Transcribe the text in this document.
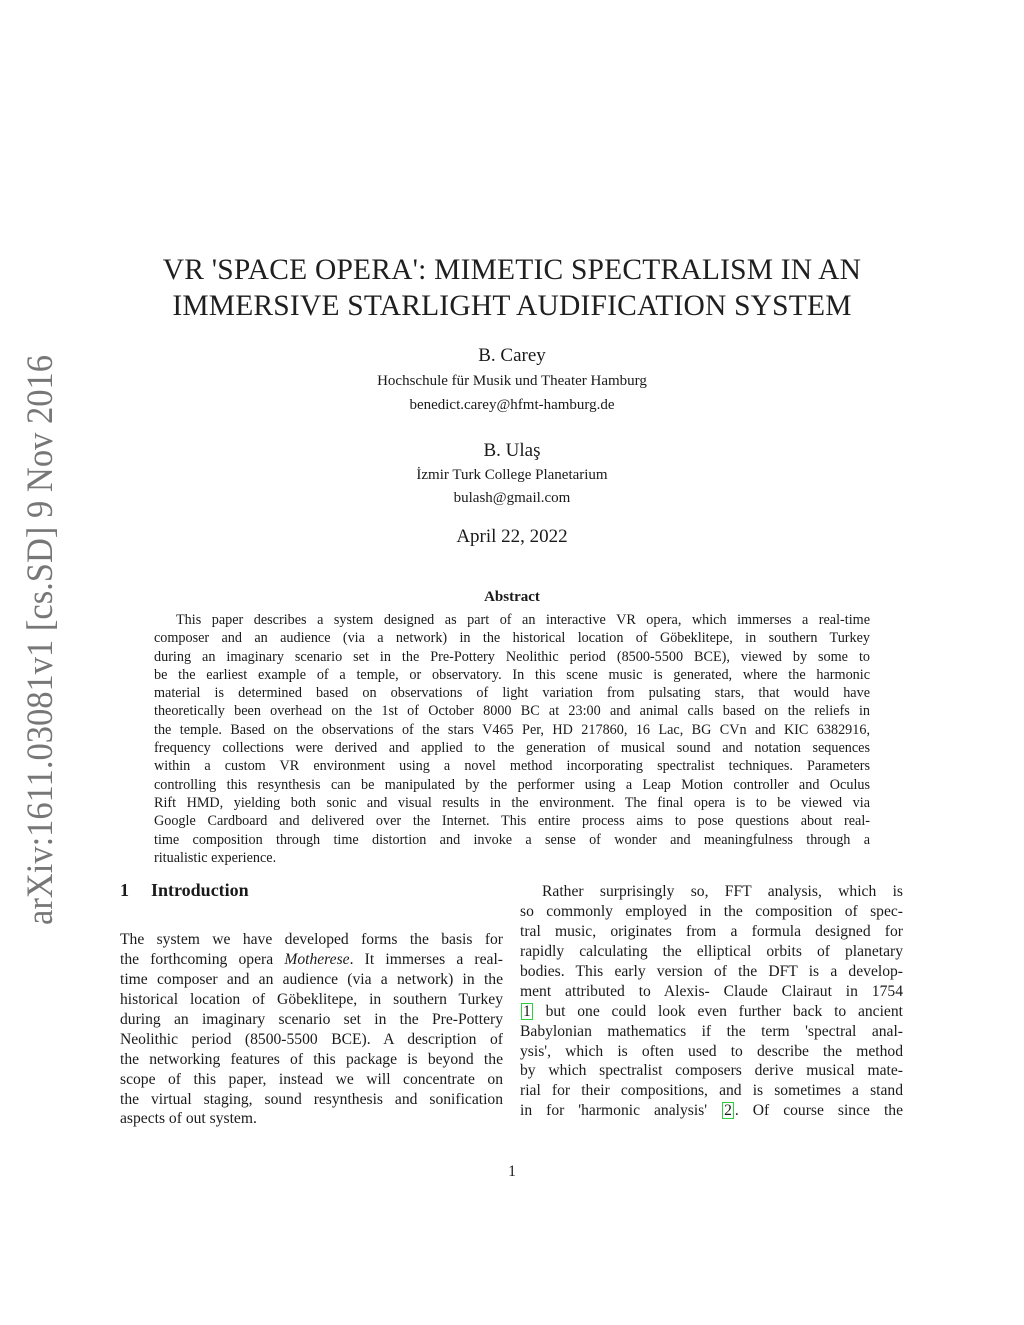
arXiv:1611.03081v1 [cs.SD] 9 Nov 2016
VR 'SPACE OPERA': MIMETIC SPECTRALISM IN AN
IMMERSIVE STARLIGHT AUDIFICATION SYSTEM
B. Carey
Hochschule für Musik und Theater Hamburg
benedict.carey@hfmt-hamburg.de
B. Ulaş
İzmir Turk College Planetarium
bulash@gmail.com
April 22, 2022
Abstract
This paper describes a system designed as part of an interactive VR opera, which immerses a real-time
composer and an audience (via a network) in the historical location of Göbeklitepe, in southern Turkey
during an imaginary scenario set in the Pre-Pottery Neolithic period (8500-5500 BCE), viewed by some to
be the earliest example of a temple, or observatory. In this scene music is generated, where the harmonic
material is determined based on observations of light variation from pulsating stars, that would have
theoretically been overhead on the 1st of October 8000 BC at 23:00 and animal calls based on the reliefs in
the temple. Based on the observations of the stars V465 Per, HD 217860, 16 Lac, BG CVn and KIC 6382916,
frequency collections were derived and applied to the generation of musical sound and notation sequences
within a custom VR environment using a novel method incorporating spectralist techniques. Parameters
controlling this resynthesis can be manipulated by the performer using a Leap Motion controller and Oculus
Rift HMD, yielding both sonic and visual results in the environment. The final opera is to be viewed via
Google Cardboard and delivered over the Internet. This entire process aims to pose questions about real-
time composition through time distortion and invoke a sense of wonder and meaningfulness through a
ritualistic experience.
1 Introduction
The system we have developed forms the basis for
the forthcoming opera Motherese. It immerses a real-
time composer and an audience (via a network) in the
historical location of Göbeklitepe, in southern Turkey
during an imaginary scenario set in the Pre-Pottery
Neolithic period (8500-5500 BCE). A description of
the networking features of this package is beyond the
scope of this paper, instead we will concentrate on
the virtual staging, sound resynthesis and sonification
aspects of out system.
Rather surprisingly so, FFT analysis, which is
so commonly employed in the composition of spec-
tral music, originates from a formula designed for
rapidly calculating the elliptical orbits of planetary
bodies. This early version of the DFT is a develop-
ment attributed to Alexis- Claude Clairaut in 1754
1 but one could look even further back to ancient
Babylonian mathematics if the term 'spectral anal-
ysis', which is often used to describe the method
by which spectralist composers derive musical mate-
rial for their compositions, and is sometimes a stand
in for 'harmonic analysis' 2 . Of course since the
1
